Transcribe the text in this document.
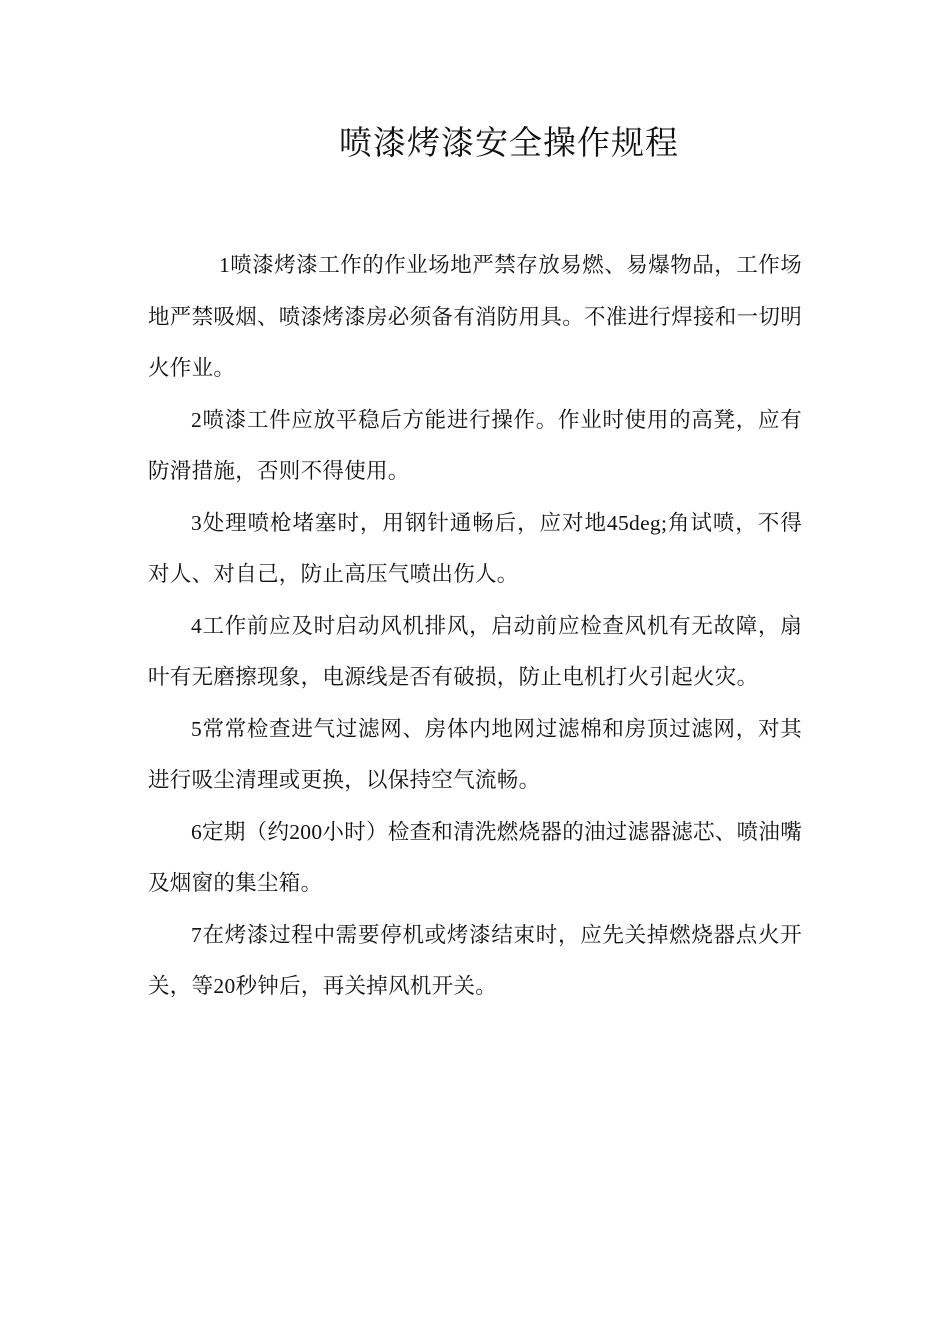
喷漆烤漆安全操作规程

1喷漆烤漆工作的作业场地严禁存放易燃、易爆物品，工作场地严禁吸烟、喷漆烤漆房必须备有消防用具。不准进行焊接和一切明火作业。

2喷漆工件应放平稳后方能进行操作。作业时使用的高凳，应有防滑措施，否则不得使用。

3处理喷枪堵塞时，用钢针通畅后，应对地45deg;角试喷，不得对人、对自己，防止高压气喷出伤人。

4工作前应及时启动风机排风，启动前应检查风机有无故障，扇叶有无磨擦现象，电源线是否有破损，防止电机打火引起火灾。

5常常检查进气过滤网、房体内地网过滤棉和房顶过滤网，对其进行吸尘清理或更换，以保持空气流畅。

6定期（约200小时）检查和清洗燃烧器的油过滤器滤芯、喷油嘴及烟窗的集尘箱。

7在烤漆过程中需要停机或烤漆结束时，应先关掉燃烧器点火开关，等20秒钟后，再关掉风机开关。
